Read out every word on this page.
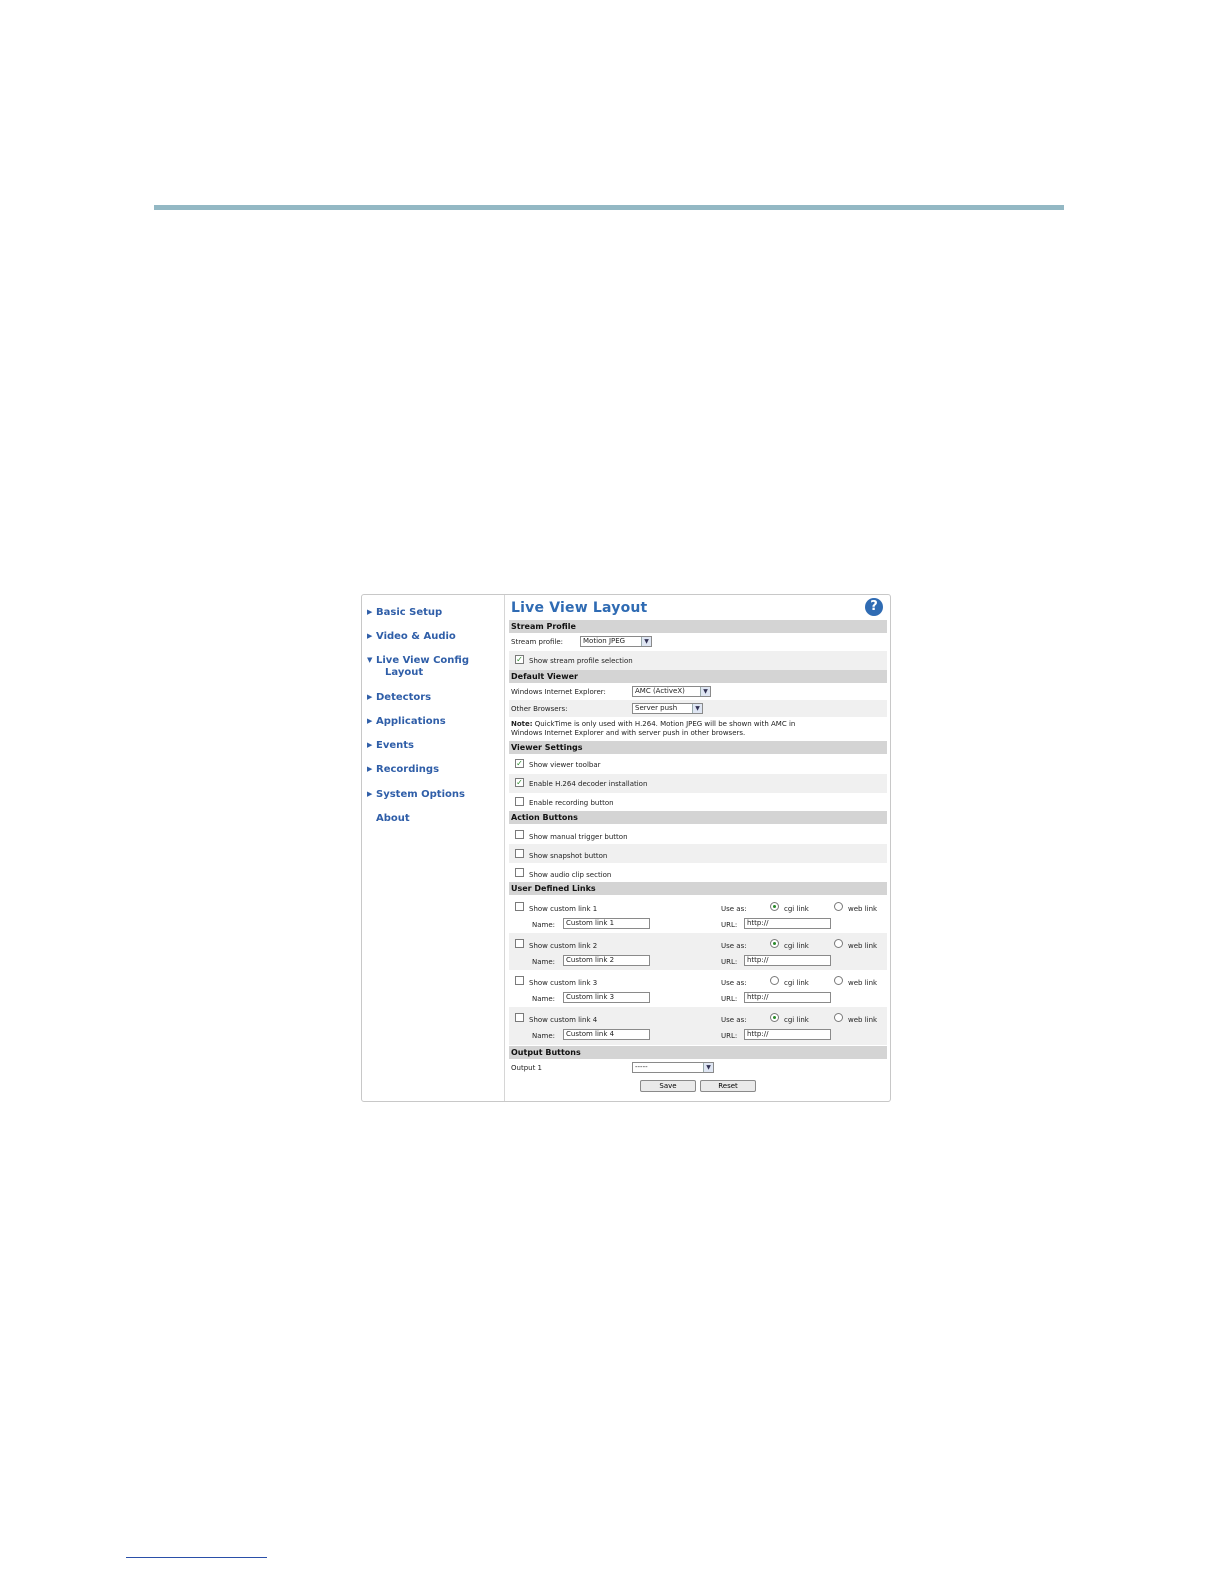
▶ Basic Setup
▶ Video & Audio
▼ Live View Config
Layout
▶ Detectors
▶ Applications
▶ Events
▶ Recordings
▶ System Options
About
Live View Layout	?
Stream Profile
Stream profile:	Motion JPEG	▼
✓ Show stream profile selection
Default Viewer
Windows Internet Explorer:	AMC (ActiveX)	▼
Other Browsers:	Server push	▼
Note: QuickTime is only used with H.264. Motion JPEG will be shown with AMC in
Windows Internet Explorer and with server push in other browsers.
Viewer Settings
✓ Show viewer toolbar
✓ Enable H.264 decoder installation
Enable recording button
Action Buttons
Show manual trigger button
Show snapshot button
Show audio clip section
User Defined Links
Show custom link 1	Use as:	cgi link	web link
Name:	Custom link 1	URL:	http://
Show custom link 2	Use as:	cgi link	web link
Name:	Custom link 2	URL:	http://
Show custom link 3	Use as:	cgi link	web link
Name:	Custom link 3	URL:	http://
Show custom link 4	Use as:	cgi link	web link
Name:	Custom link 4	URL:	http://
Output Buttons
Output 1	-----	▼
Save	Reset
